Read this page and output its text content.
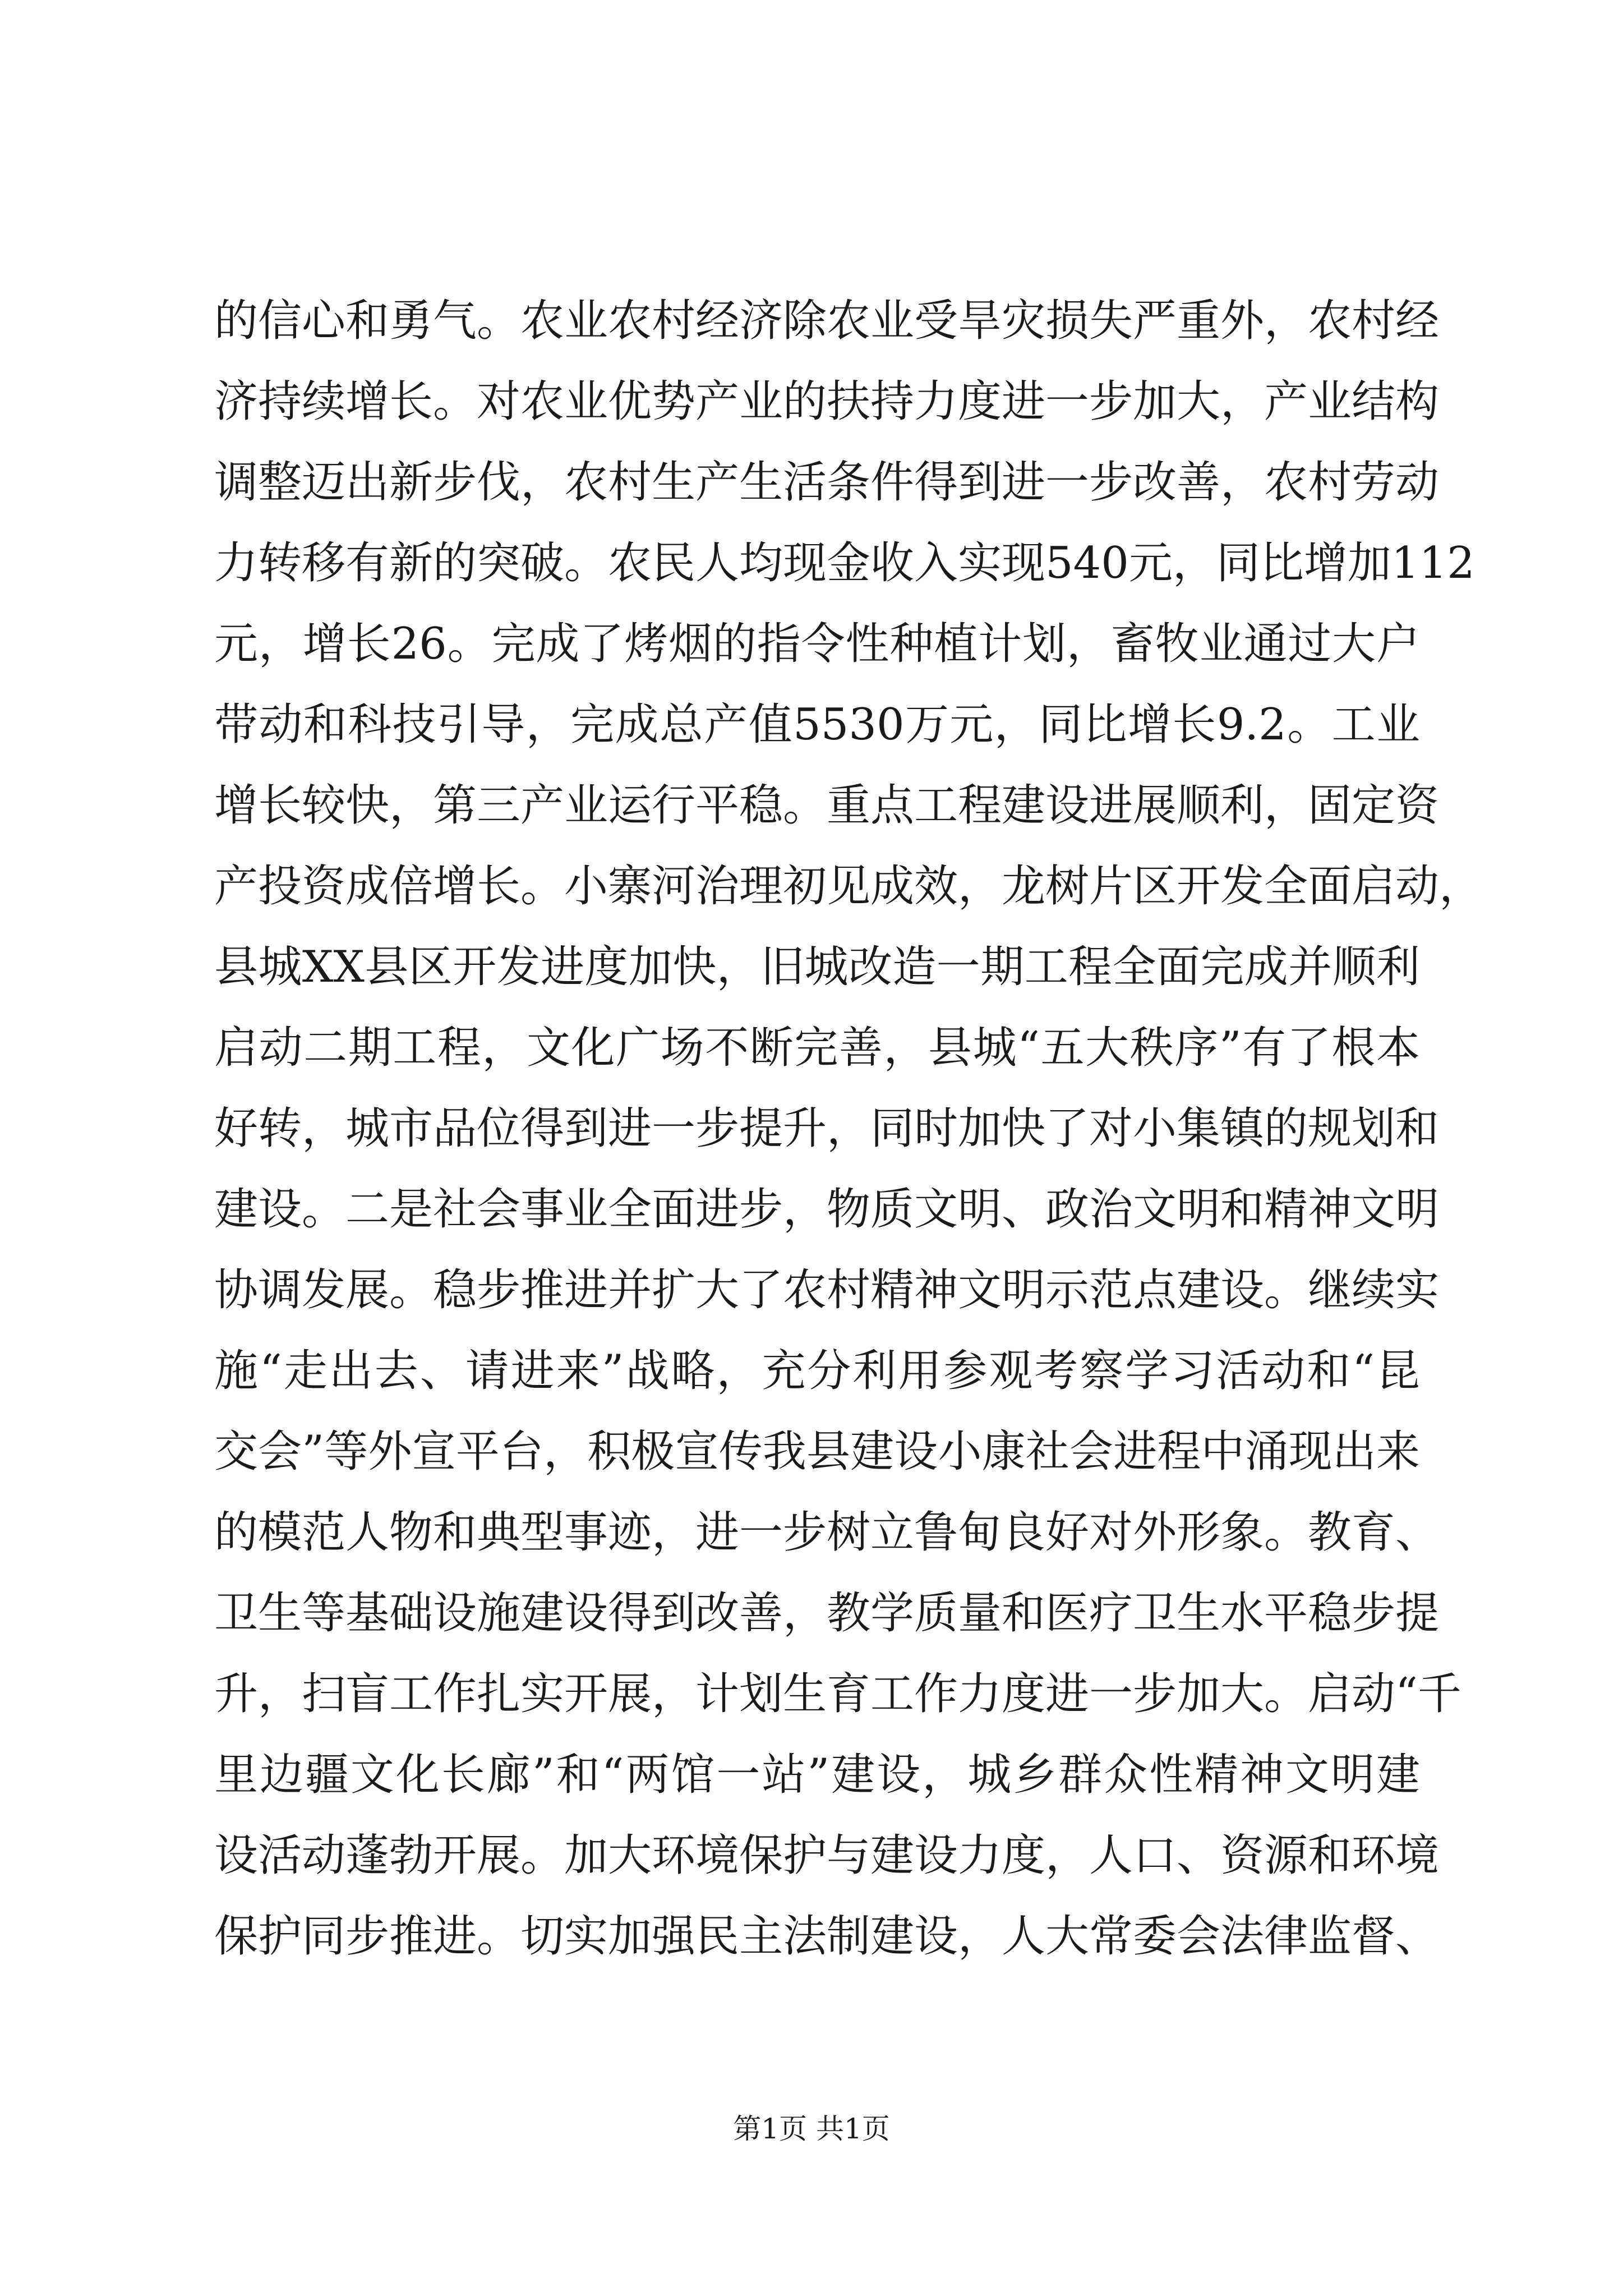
的信心和勇气。农业农村经济除农业受旱灾损失严重外，农村经
济持续增长。对农业优势产业的扶持力度进一步加大，产业结构
调整迈出新步伐，农村生产生活条件得到进一步改善，农村劳动
力转移有新的突破。农民人均现金收入实现540元，同比增加112
元，增长26。完成了烤烟的指令性种植计划，畜牧业通过大户
带动和科技引导，完成总产值5530万元，同比增长9.2。工业
增长较快，第三产业运行平稳。重点工程建设进展顺利，固定资
产投资成倍增长。小寨河治理初见成效，龙树片区开发全面启动，
县城XX县区开发进度加快，旧城改造一期工程全面完成并顺利
启动二期工程，文化广场不断完善，县城“五大秩序”有了根本
好转，城市品位得到进一步提升，同时加快了对小集镇的规划和
建设。二是社会事业全面进步，物质文明、政治文明和精神文明
协调发展。稳步推进并扩大了农村精神文明示范点建设。继续实
施“走出去、请进来”战略，充分利用参观考察学习活动和“昆
交会”等外宣平台，积极宣传我县建设小康社会进程中涌现出来
的模范人物和典型事迹，进一步树立鲁甸良好对外形象。教育、
卫生等基础设施建设得到改善，教学质量和医疗卫生水平稳步提
升，扫盲工作扎实开展，计划生育工作力度进一步加大。启动“千
里边疆文化长廊”和“两馆一站”建设，城乡群众性精神文明建
设活动蓬勃开展。加大环境保护与建设力度，人口、资源和环境
保护同步推进。切实加强民主法制建设，人大常委会法律监督、
第1页 共1页
